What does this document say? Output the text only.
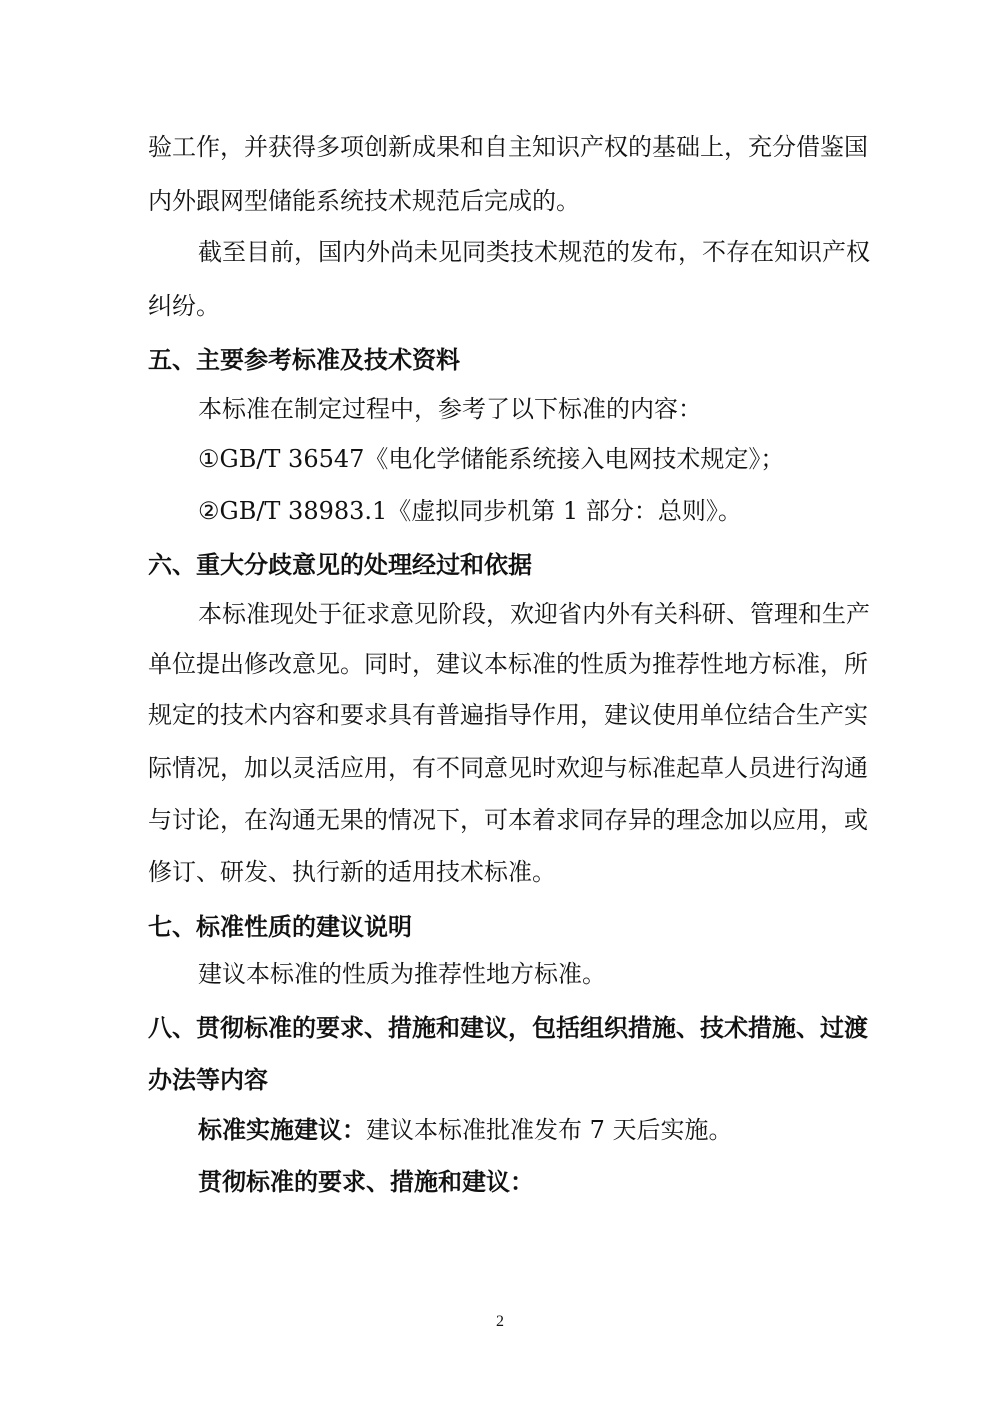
验工作，并获得多项创新成果和自主知识产权的基础上，充分借鉴国
内外跟网型储能系统技术规范后完成的。
截至目前，国内外尚未见同类技术规范的发布，不存在知识产权
纠纷。
五、主要参考标准及技术资料
本标准在制定过程中，参考了以下标准的内容：
①GB/T 36547《电化学储能系统接入电网技术规定》；
②GB/T 38983.1《虚拟同步机第 1 部分：总则》。
六、重大分歧意见的处理经过和依据
本标准现处于征求意见阶段，欢迎省内外有关科研、管理和生产
单位提出修改意见。同时，建议本标准的性质为推荐性地方标准，所
规定的技术内容和要求具有普遍指导作用，建议使用单位结合生产实
际情况，加以灵活应用，有不同意见时欢迎与标准起草人员进行沟通
与讨论，在沟通无果的情况下，可本着求同存异的理念加以应用，或
修订、研发、执行新的适用技术标准。
七、标准性质的建议说明
建议本标准的性质为推荐性地方标准。
八、贯彻标准的要求、措施和建议，包括组织措施、技术措施、过渡
办法等内容
标准实施建议：建议本标准批准发布 7 天后实施。
贯彻标准的要求、措施和建议：
2
